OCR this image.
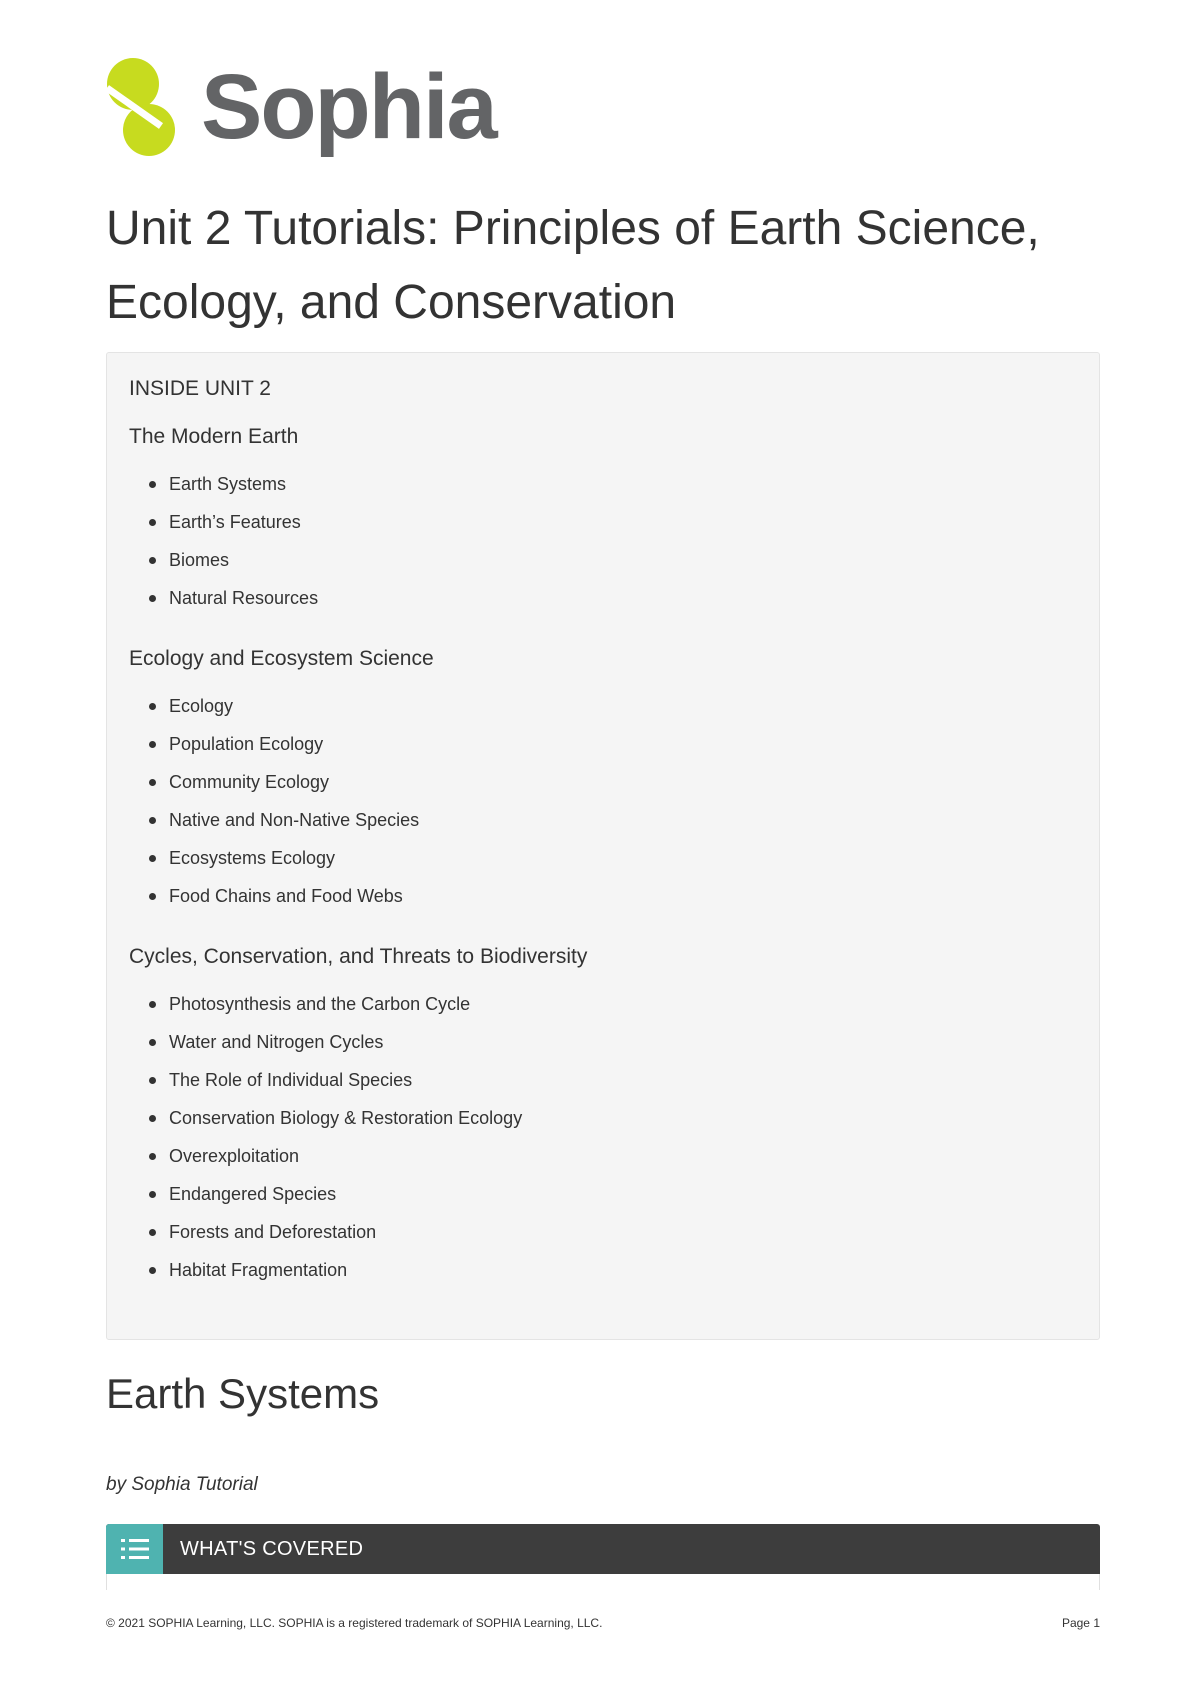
Sophia
Unit 2 Tutorials: Principles of Earth Science, Ecology, and Conservation
INSIDE UNIT 2
The Modern Earth
Earth Systems
Earth’s Features
Biomes
Natural Resources
Ecology and Ecosystem Science
Ecology
Population Ecology
Community Ecology
Native and Non-Native Species
Ecosystems Ecology
Food Chains and Food Webs
Cycles, Conservation, and Threats to Biodiversity
Photosynthesis and the Carbon Cycle
Water and Nitrogen Cycles
The Role of Individual Species
Conservation Biology & Restoration Ecology
Overexploitation
Endangered Species
Forests and Deforestation
Habitat Fragmentation
Earth Systems
by Sophia Tutorial
WHAT'S COVERED
© 2021 SOPHIA Learning, LLC. SOPHIA is a registered trademark of SOPHIA Learning, LLC.	Page 1
